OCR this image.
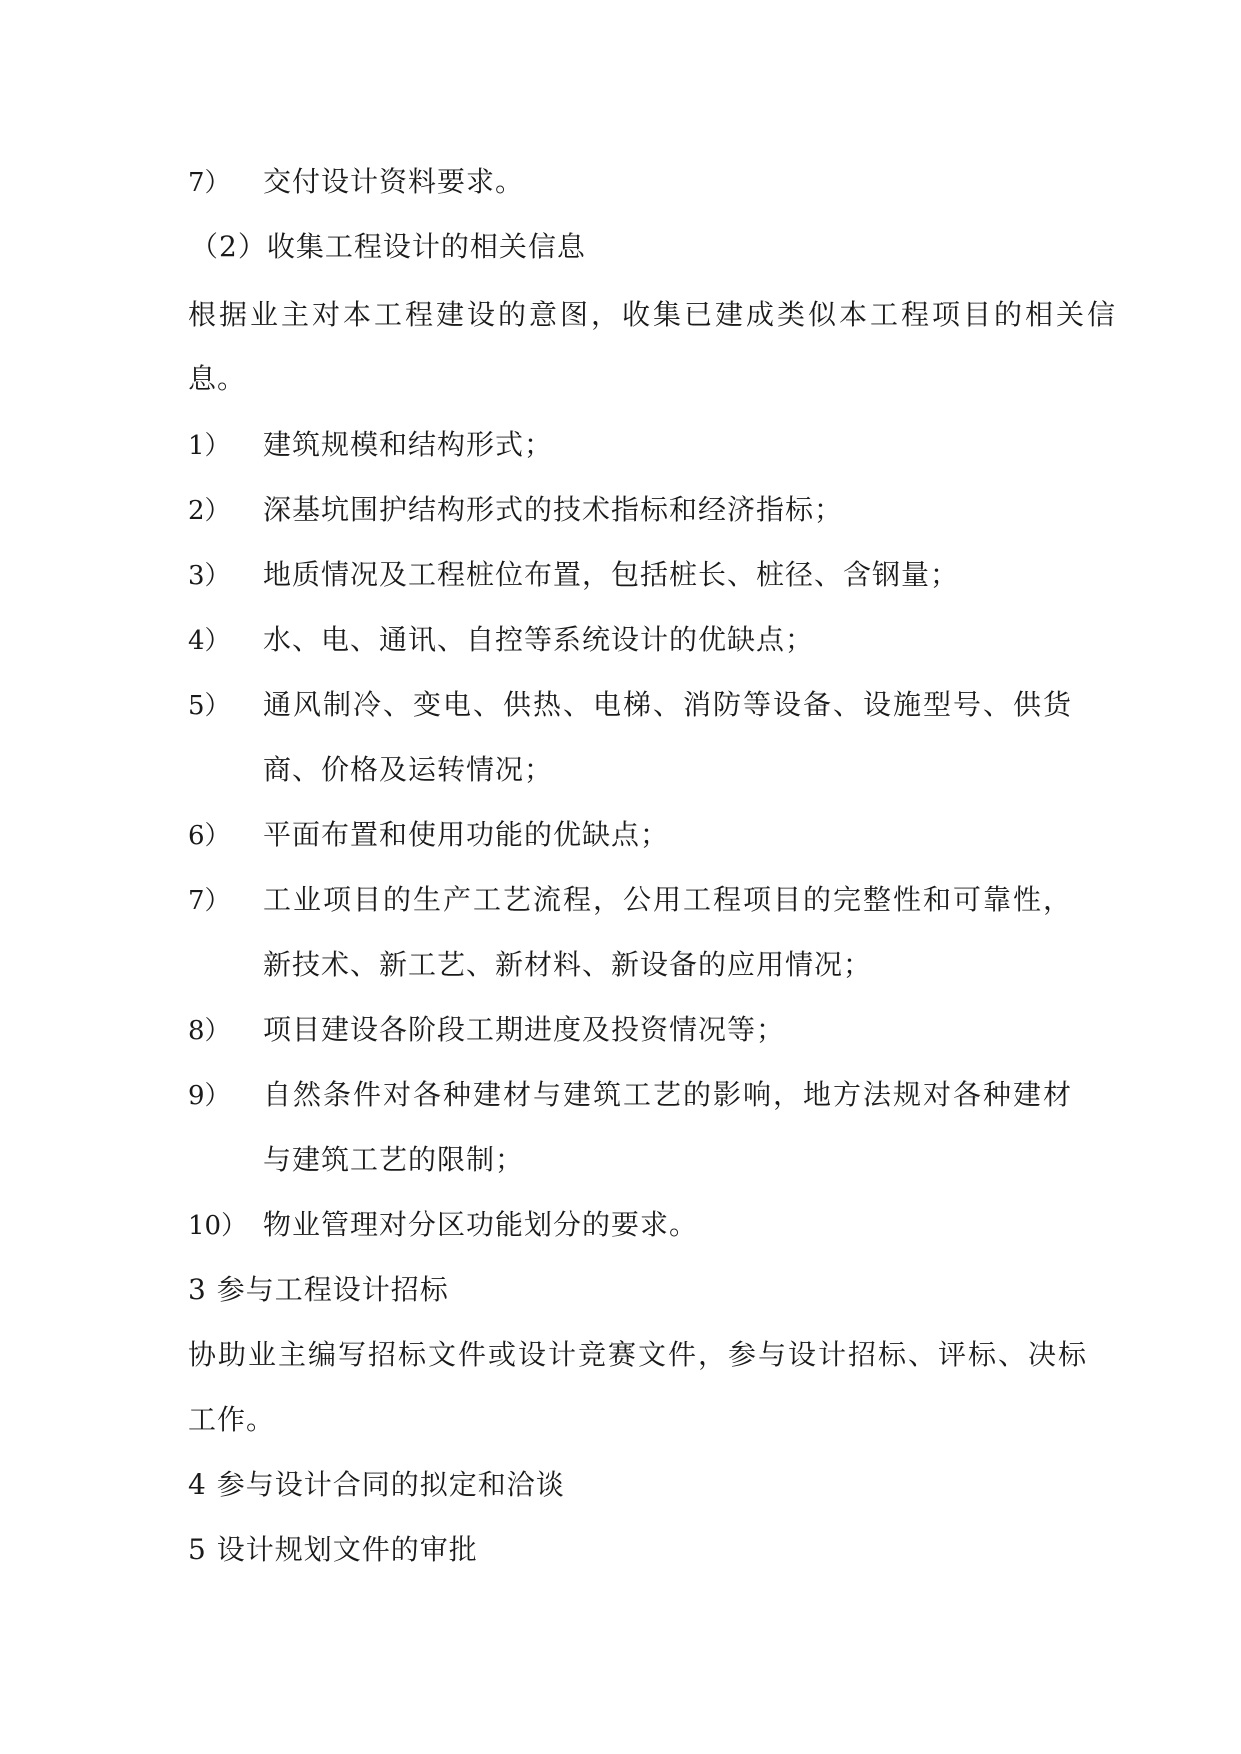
7） 交付设计资料要求。
（2）收集工程设计的相关信息
根据业主对本工程建设的意图，收集已建成类似本工程项目的相关信
息。
1） 建筑规模和结构形式；
2） 深基坑围护结构形式的技术指标和经济指标；
3） 地质情况及工程桩位布置，包括桩长、桩径、含钢量；
4） 水、电、通讯、自控等系统设计的优缺点；
5） 通风制冷、变电、供热、电梯、消防等设备、设施型号、供货
商、价格及运转情况；
6） 平面布置和使用功能的优缺点；
7） 工业项目的生产工艺流程，公用工程项目的完整性和可靠性，
新技术、新工艺、新材料、新设备的应用情况；
8） 项目建设各阶段工期进度及投资情况等；
9） 自然条件对各种建材与建筑工艺的影响，地方法规对各种建材
与建筑工艺的限制；
10） 物业管理对分区功能划分的要求。
3 参与工程设计招标
协助业主编写招标文件或设计竞赛文件，参与设计招标、评标、决标
工作。
4 参与设计合同的拟定和洽谈
5 设计规划文件的审批
